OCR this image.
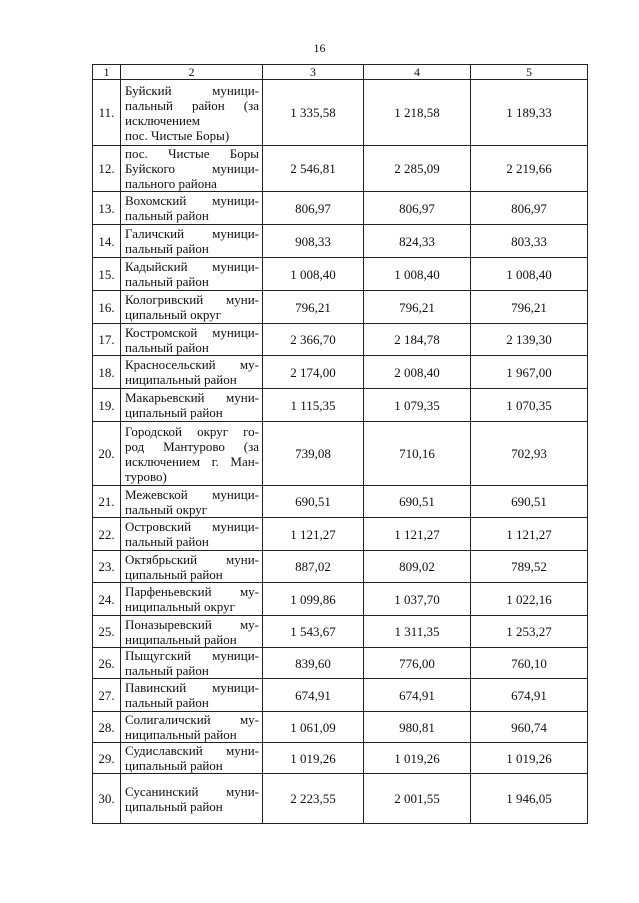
16
1	2	3	4	5
11.	Буйский муници-
пальный район (за
исключением
пос. Чистые Боры)	1 335,58	1 218,58	1 189,33
12.	пос. Чистые Боры
Буйского муници-
пального района	2 546,81	2 285,09	2 219,66
13.	Вохомский муници-
пальный район	806,97	806,97	806,97
14.	Галичский муници-
пальный район	908,33	824,33	803,33
15.	Кадыйский муници-
пальный район	1 008,40	1 008,40	1 008,40
16.	Кологривский муни-
ципальный округ	796,21	796,21	796,21
17.	Костромской муници-
пальный район	2 366,70	2 184,78	2 139,30
18.	Красносельский му-
ниципальный район	2 174,00	2 008,40	1 967,00
19.	Макарьевский муни-
ципальный район	1 115,35	1 079,35	1 070,35
20.	Городской округ го-
род Мантурово (за
исключением г. Ман-
турово)	739,08	710,16	702,93
21.	Межевской муници-
пальный округ	690,51	690,51	690,51
22.	Островский муници-
пальный район	1 121,27	1 121,27	1 121,27
23.	Октябрьский муни-
ципальный район	887,02	809,02	789,52
24.	Парфеньевский му-
ниципальный округ	1 099,86	1 037,70	1 022,16
25.	Поназыревский му-
ниципальный район	1 543,67	1 311,35	1 253,27
26.	Пыщугский муници-
пальный район	839,60	776,00	760,10
27.	Павинский муници-
пальный район	674,91	674,91	674,91
28.	Солигаличский му-
ниципальный район	1 061,09	980,81	960,74
29.	Судиславский муни-
ципальный район	1 019,26	1 019,26	1 019,26
30.	Сусанинский муни-
ципальный район	2 223,55	2 001,55	1 946,05
